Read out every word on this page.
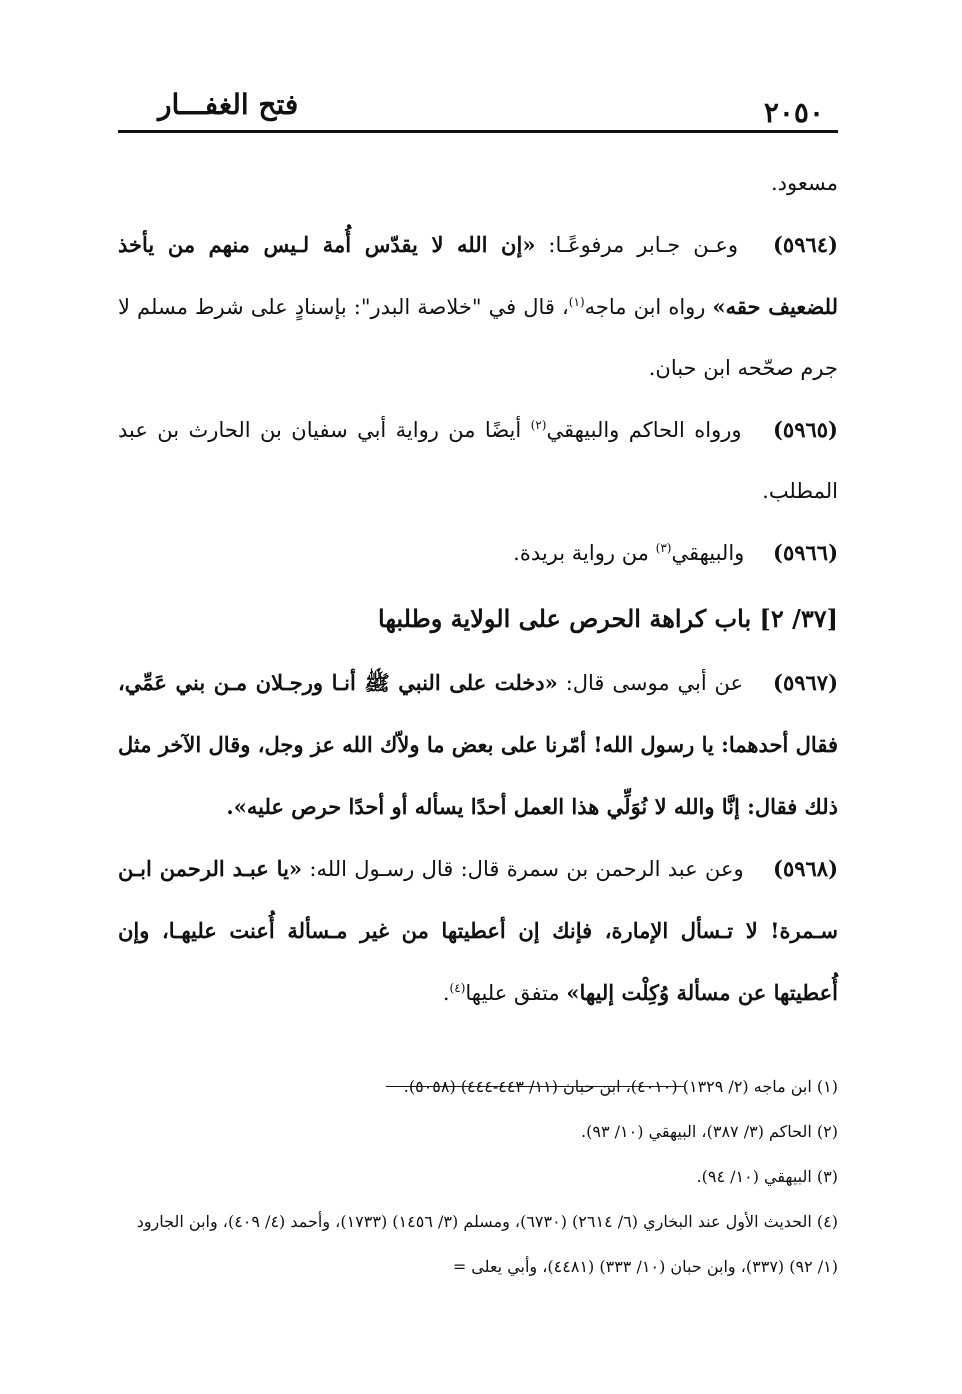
٢٠٥٠
فتح الغفـــار

مسعود.

(٥٩٦٤) وعـن جـابر مرفوعًـا: «إن الله لا يقدّس أُمة لـيس منهم من يأخذ للضعيف حقه» رواه ابن ماجه$^{(١)}$، قال في "خلاصة البدر": بإسنادٍ على شرط مسلم لا جرم صحّحه ابن حبان.

(٥٩٦٥) ورواه الحاكم والبيهقي$^{(٢)}$ أيضًا من رواية أبي سفيان بن الحارث بن عبد المطلب.

(٥٩٦٦) والبيهقي$^{(٣)}$ من رواية بريدة.

[٣٧/ ٢] باب كراهة الحرص على الولاية وطلبها

(٥٩٦٧) عن أبي موسى قال: «دخلت على النبي ﷺ أنـا ورجـلان مـن بني عَمِّي، فقال أحدهما: يا رسول الله! أمّرنا على بعض ما ولاّك الله عز وجل، وقال الآخر مثل ذلك فقال: إنَّا والله لا نُوَلِّي هذا العمل أحدًا يسأله أو أحدًا حرص عليه».

(٥٩٦٨) وعن عبد الرحمن بن سمرة قال: قال رسـول الله: «يا عبـد الرحمن ابـن سـمرة! لا تـسأل الإمارة، فإنك إن أعطيتها من غير مـسألة أُعنت عليهـا، وإن أُعطيتها عن مسألة وُكِلْت إليها» متفق عليها$^{(٤)}$.

(١) ابن ماجه (٢/ ١٣٢٩) (٤٠١٠)، ابن حبان (١١/ ٤٤٣-٤٤٤) (٥٠٥٨).

(٢) الحاكم (٣/ ٣٨٧)، البيهقي (١٠/ ٩٣).

(٣) البيهقي (١٠/ ٩٤).

(٤) الحديث الأول عند البخاري (٦/ ٢٦١٤) (٦٧٣٠)، ومسلم (٣/ ١٤٥٦) (١٧٣٣)، وأحمد (٤/ ٤٠٩)، وابن الجارود (١/ ٩٢) (٣٣٧)، وابن حبان (١٠/ ٣٣٣) (٤٤٨١)، وأبي يعلى =
